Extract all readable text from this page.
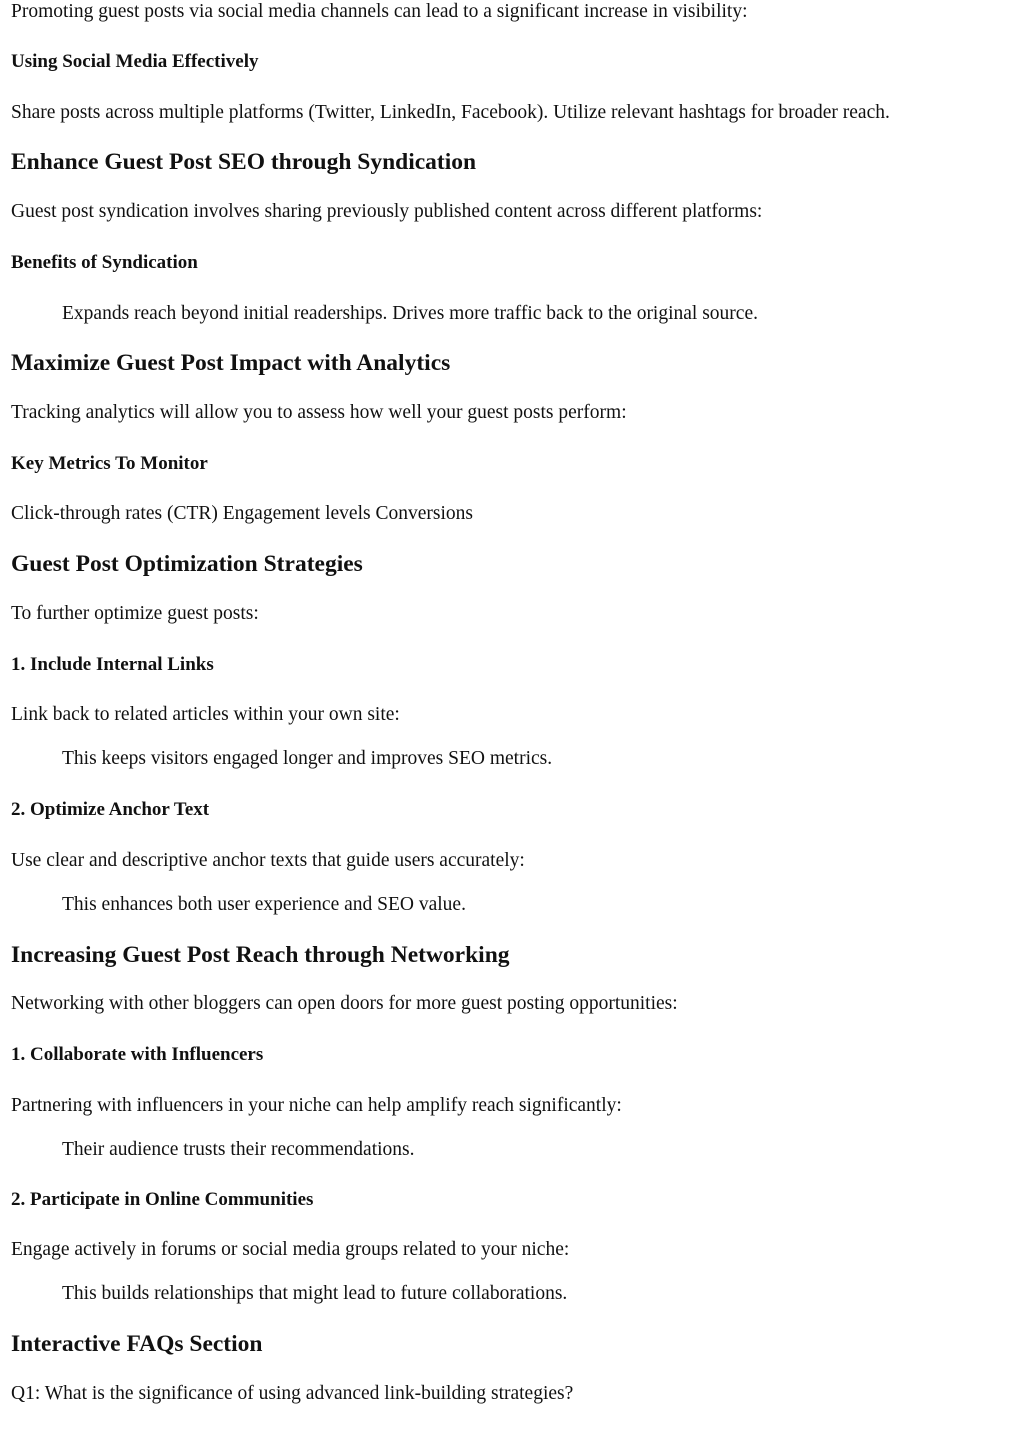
Promoting guest posts via social media channels can lead to a significant increase in visibility:

Using Social Media Effectively

Share posts across multiple platforms (Twitter, LinkedIn, Facebook). Utilize relevant hashtags for broader reach.

Enhance Guest Post SEO through Syndication

Guest post syndication involves sharing previously published content across different platforms:

Benefits of Syndication
Expands reach beyond initial readerships. Drives more traffic back to the original source.
Maximize Guest Post Impact with Analytics

Tracking analytics will allow you to assess how well your guest posts perform:

Key Metrics To Monitor

Click-through rates (CTR) Engagement levels Conversions

Guest Post Optimization Strategies

To further optimize guest posts:

1. Include Internal Links

Link back to related articles within your own site:

This keeps visitors engaged longer and improves SEO metrics.
2. Optimize Anchor Text

Use clear and descriptive anchor texts that guide users accurately:

This enhances both user experience and SEO value.
Increasing Guest Post Reach through Networking

Networking with other bloggers can open doors for more guest posting opportunities:

1. Collaborate with Influencers

Partnering with influencers in your niche can help amplify reach significantly:

Their audience trusts their recommendations.
2. Participate in Online Communities

Engage actively in forums or social media groups related to your niche:

This builds relationships that might lead to future collaborations.
Interactive FAQs Section

Q1: What is the significance of using advanced link-building strategies?
